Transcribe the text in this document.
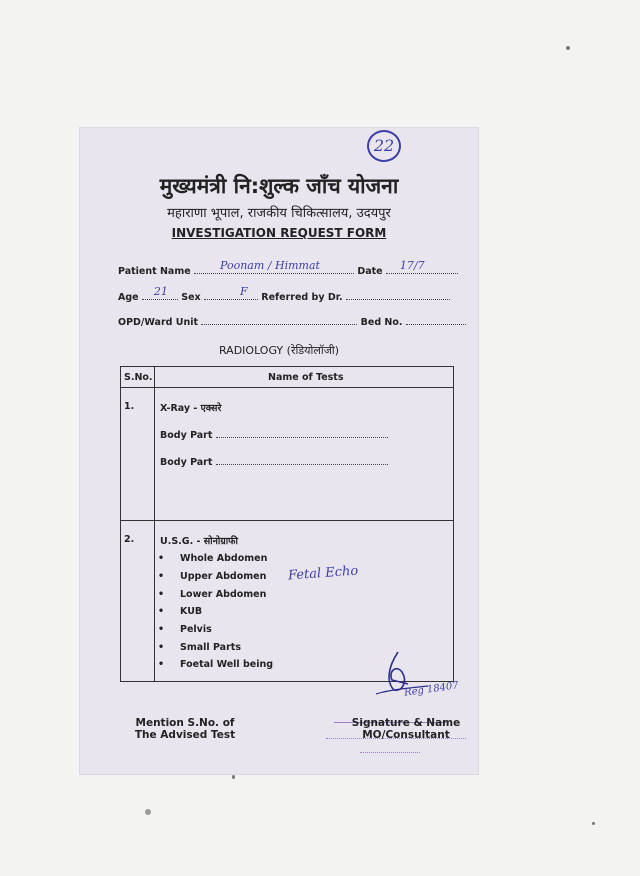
22
मुख्यमंत्री नि:शुल्क जाँच योजना
महाराणा भूपाल, राजकीय चिकित्सालय, उदयपुर
INVESTIGATION REQUEST FORM
Patient Name	Poonam / Himmat	Date 17/7
Age 21 Sex	F Referred by Dr.
OPD/Ward Unit	Bed No.
RADIOLOGY (रेडियोलॉजी)
S.No.	Name of Tests
1.	X-Ray - एक्सरे
Body Part
Body Part
2.	U.S.G. - सोनोग्राफी
• Whole Abdomen
• Upper Abdomen
• Lower Abdomen
• KUB
• Pelvis
• Small Parts
• Foetal Well being
Fetal Echo
Mention S.No. of
The Advised Test
Reg 18407
Signature & Name
MO/Consultant
